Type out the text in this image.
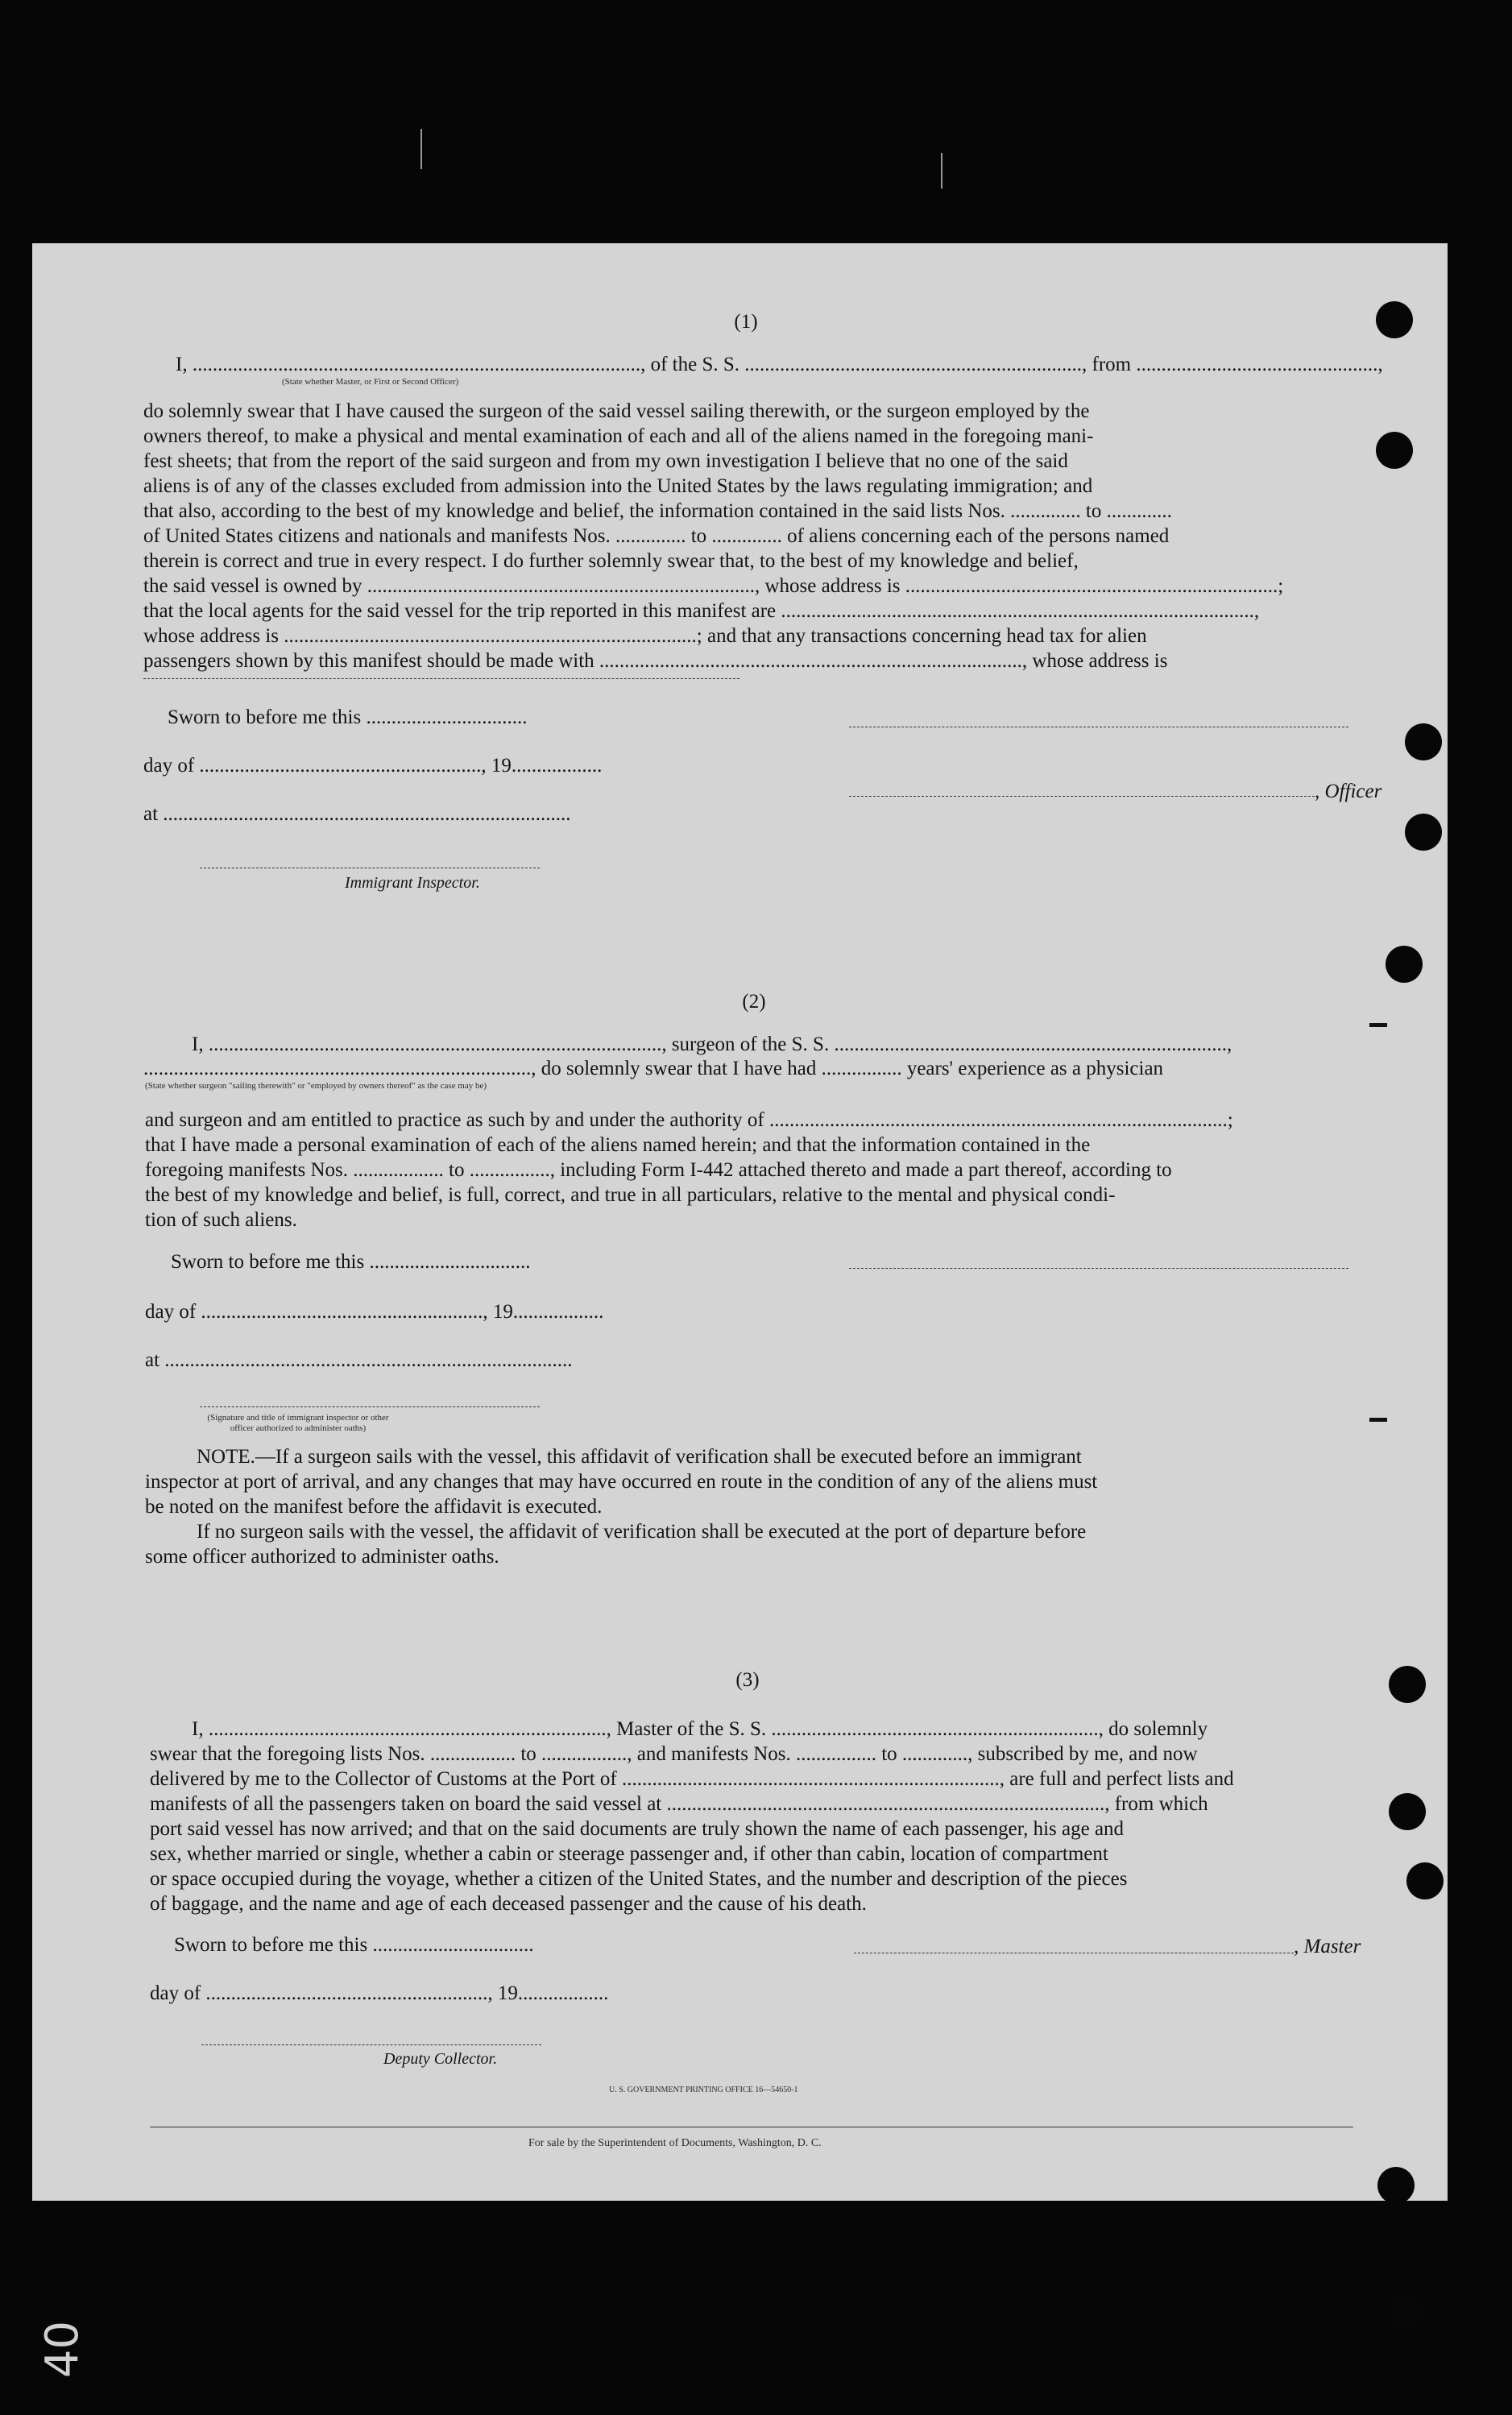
(1)
I, ........................................................................................., of the S. S. ..................................................................., from ................................................,
(State whether Master, or First or Second Officer)
do solemnly swear that I have caused the surgeon of the said vessel sailing therewith, or the surgeon employed by the
owners thereof, to make a physical and mental examination of each and all of the aliens named in the foregoing mani-
fest sheets; that from the report of the said surgeon and from my own investigation I believe that no one of the said
aliens is of any of the classes excluded from admission into the United States by the laws regulating immigration; and
that also, according to the best of my knowledge and belief, the information contained in the said lists Nos. .............. to .............
of United States citizens and nationals and manifests Nos. .............. to .............. of aliens concerning each of the persons named
therein is correct and true in every respect. I do further solemnly swear that, to the best of my knowledge and belief,
the said vessel is owned by ............................................................................., whose address is ..........................................................................;
that the local agents for the said vessel for the trip reported in this manifest are ..............................................................................................,
whose address is ..................................................................................; and that any transactions concerning head tax for alien
passengers shown by this manifest should be made with ...................................................................................., whose address is
Sworn to before me this ................................
day of ........................................................, 19..................
, Officer
at .................................................................................
Immigrant Inspector.
(2)
I, .........................................................................................., surgeon of the S. S. ..............................................................................,
............................................................................., do solemnly swear that I have had ................ years' experience as a physician
(State whether surgeon "sailing therewith" or "employed by owners thereof" as the case may be)
and surgeon and am entitled to practice as such by and under the authority of ...........................................................................................;
that I have made a personal examination of each of the aliens named herein; and that the information contained in the
foregoing manifests Nos. .................. to ................, including Form I-442 attached thereto and made a part thereof, according to
the best of my knowledge and belief, is full, correct, and true in all particulars, relative to the mental and physical condi-
tion of such aliens.
Sworn to before me this ................................
day of ........................................................, 19..................
at .................................................................................
(Signature and title of immigrant inspector or other officer authorized to administer oaths)
NOTE.—If a surgeon sails with the vessel, this affidavit of verification shall be executed before an immigrant
inspector at port of arrival, and any changes that may have occurred en route in the condition of any of the aliens must
be noted on the manifest before the affidavit is executed.
If no surgeon sails with the vessel, the affidavit of verification shall be executed at the port of departure before
some officer authorized to administer oaths.
(3)
I, ..............................................................................., Master of the S. S. ................................................................., do solemnly
swear that the foregoing lists Nos. ................. to ................., and manifests Nos. ................ to ............., subscribed by me, and now
delivered by me to the Collector of Customs at the Port of ..........................................................................., are full and perfect lists and
manifests of all the passengers taken on board the said vessel at ......................................................................................., from which
port said vessel has now arrived; and that on the said documents are truly shown the name of each passenger, his age and
sex, whether married or single, whether a cabin or steerage passenger and, if other than cabin, location of compartment
or space occupied during the voyage, whether a citizen of the United States, and the number and description of the pieces
of baggage, and the name and age of each deceased passenger and the cause of his death.
Sworn to before me this ................................	, Master
day of ........................................................, 19..................
Deputy Collector.
U. S. GOVERNMENT PRINTING OFFICE 16—54650-1
For sale by the Superintendent of Documents, Washington, D. C.
40
